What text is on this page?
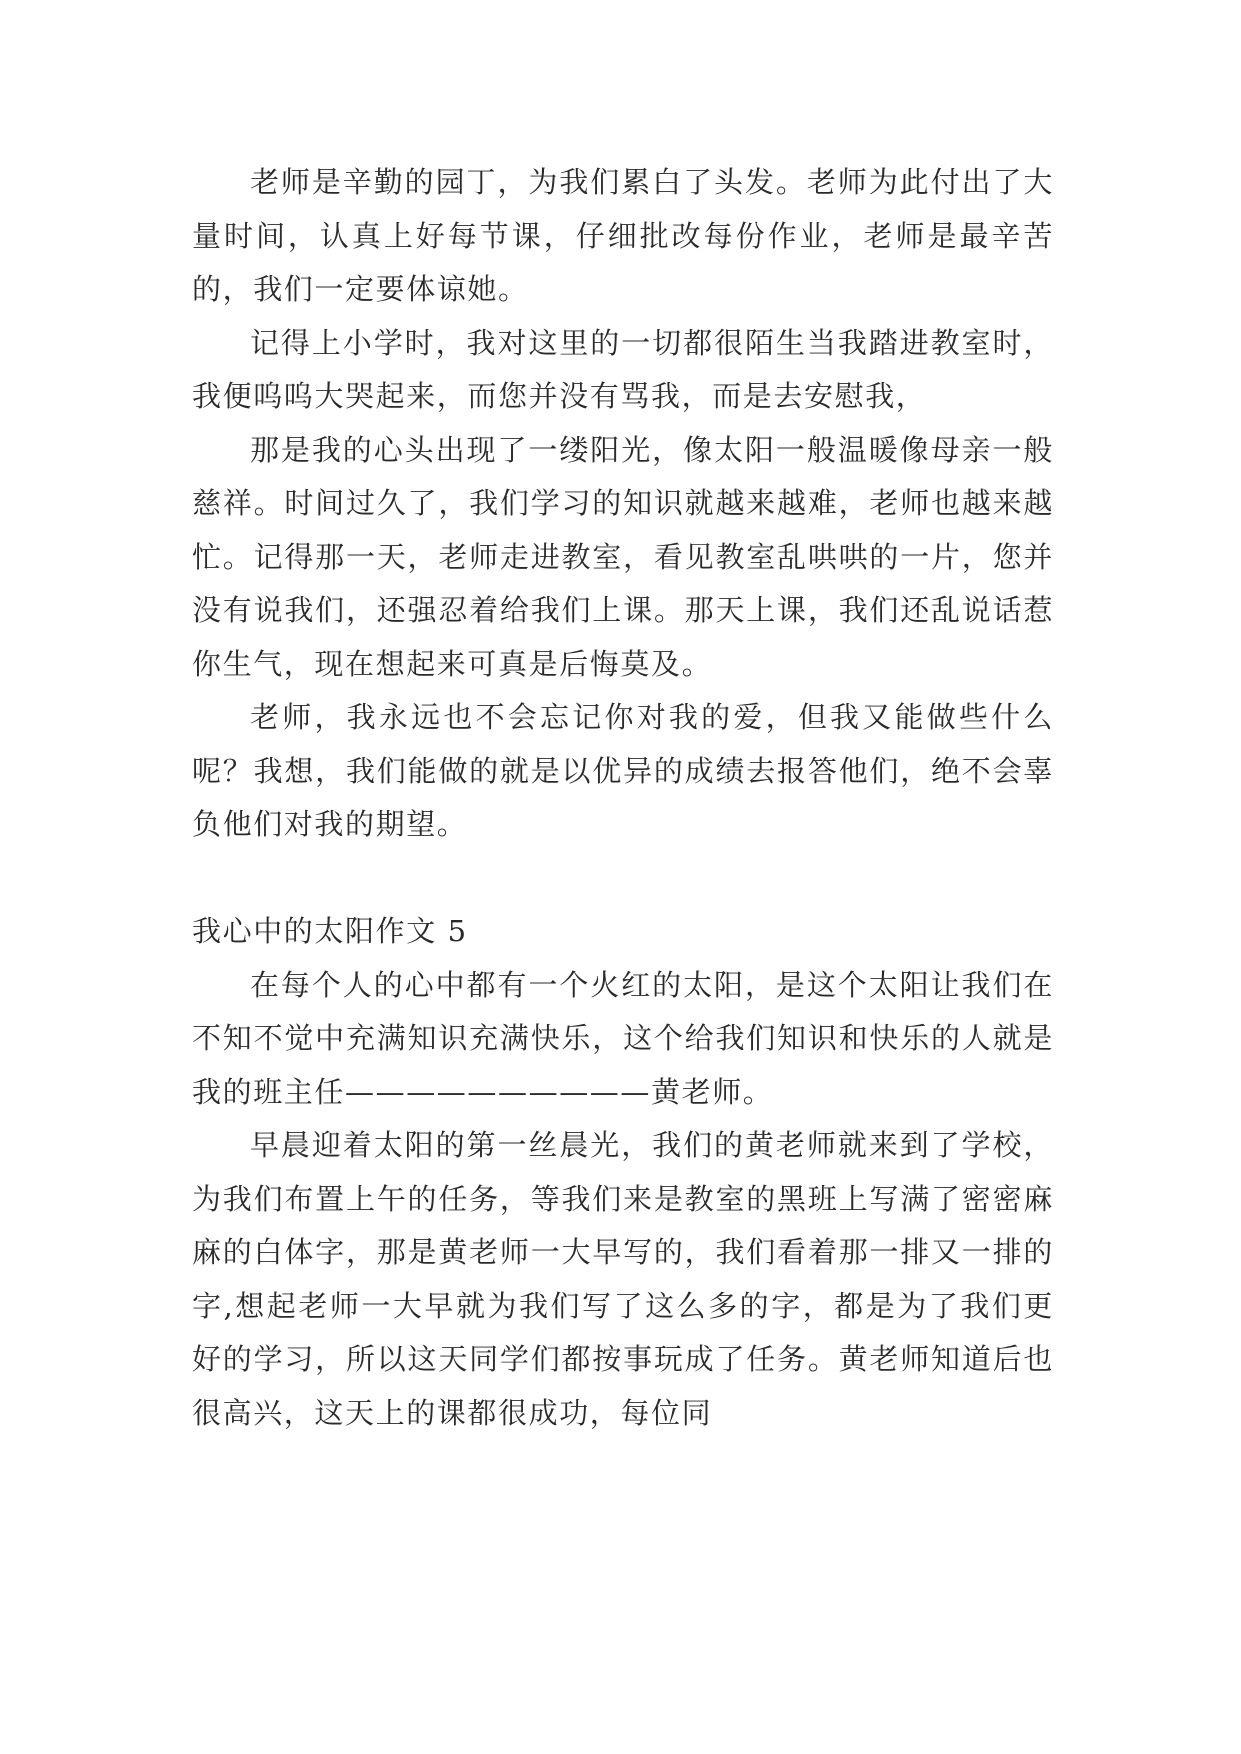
老师是辛勤的园丁，为我们累白了头发。老师为此付出了大量时间，认真上好每节课，仔细批改每份作业，老师是最辛苦的，我们一定要体谅她。

记得上小学时，我对这里的一切都很陌生当我踏进教室时，我便呜呜大哭起来，而您并没有骂我，而是去安慰我，

那是我的心头出现了一缕阳光，像太阳一般温暖像母亲一般慈祥。时间过久了，我们学习的知识就越来越难，老师也越来越忙。记得那一天，老师走进教室，看见教室乱哄哄的一片，您并没有说我们，还强忍着给我们上课。那天上课，我们还乱说话惹你生气，现在想起来可真是后悔莫及。

老师，我永远也不会忘记你对我的爱，但我又能做些什么呢？我想，我们能做的就是以优异的成绩去报答他们，绝不会辜负他们对我的期望。

我心中的太阳作文 5

在每个人的心中都有一个火红的太阳，是这个太阳让我们在不知不觉中充满知识充满快乐，这个给我们知识和快乐的人就是我的班主任——————————黄老师。

早晨迎着太阳的第一丝晨光，我们的黄老师就来到了学校，为我们布置上午的任务，等我们来是教室的黑班上写满了密密麻麻的白体字，那是黄老师一大早写的，我们看着那一排又一排的字,想起老师一大早就为我们写了这么多的字，都是为了我们更好的学习，所以这天同学们都按事玩成了任务。黄老师知道后也很高兴，这天上的课都很成功，每位同
